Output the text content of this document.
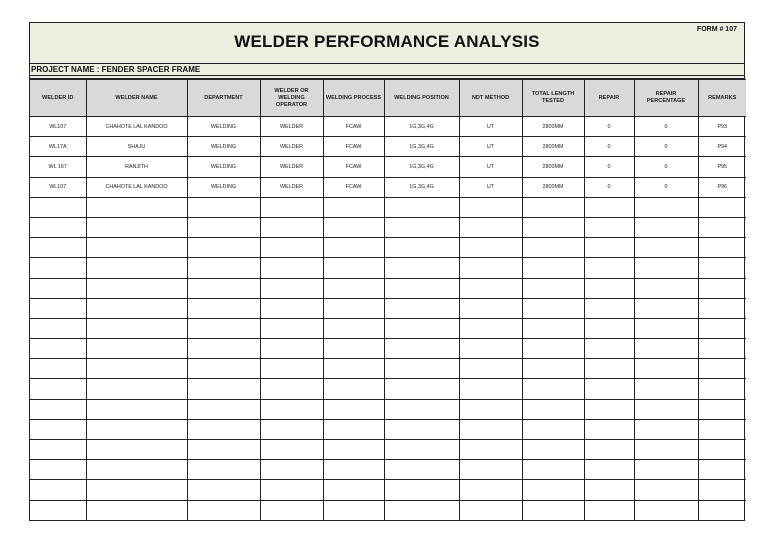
WELDER PERFORMANCE ANALYSIS
FORM # 107
PROJECT NAME : FENDER SPACER FRAME
WELDER ID	WELDER NAME	DEPARTMENT	WELDER OR WELDING OPERATOR	WELDING PROCESS	WELDING POSITION	NDT METHOD	TOTAL LENGTH TESTED	REPAIR	REPAIR PERCENTAGE	REMARKS
WL107	CHAHOTE LAL KANDOO	WELDING	WELDER	FCAW	1G,3G,4G	UT	2800MM	0	0	P93
WL17A	SHAJU	WELDING	WELDER	FCAW	1G,3G,4G	UT	2800MM	0	0	P94
WL 167	RANJITH	WELDING	WELDER	FCAW	1G,3G,4G	UT	2800MM	0	0	P95
WL107	CHAHOTE LAL KANDOO	WELDING	WELDER	FCAW	1G,3G,4G	UT	2800MM	0	0	P96
